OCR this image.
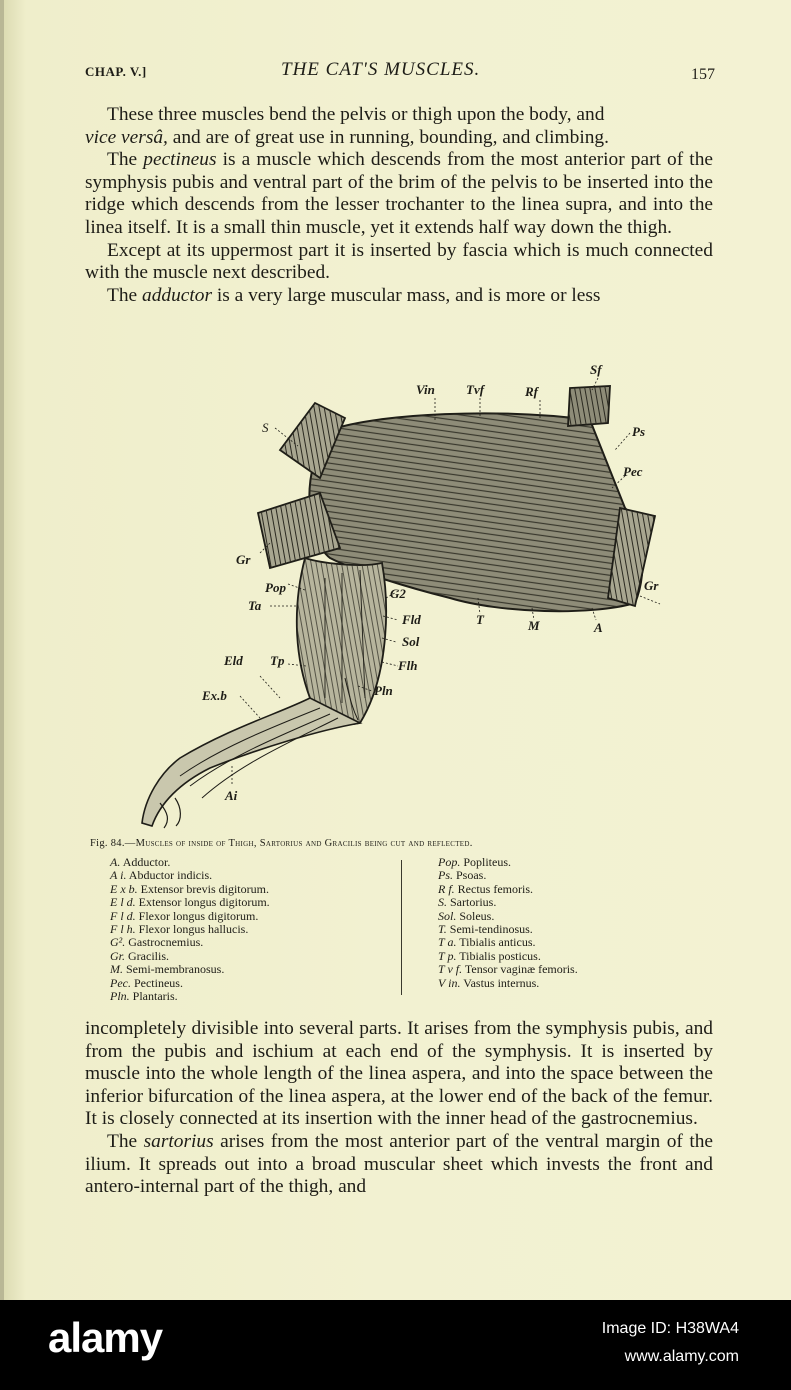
CHAP. V.]	THE CAT'S MUSCLES.	157

These three muscles bend the pelvis or thigh upon the body, and
vice versâ, and are of great use in running, bounding, and climbing.
The pectineus is a muscle which descends from the most anterior part of the symphysis pubis and ventral part of the brim of the pelvis to be inserted into the ridge which descends from the lesser trochanter to the linea supra, and into the linea itself. It is a small thin muscle, yet it extends half way down the thigh.
Except at its uppermost part it is inserted by fascia which is much connected with the muscle next described.
The adductor is a very large muscular mass, and is more or less

Vin Tvf	Rf
Sf
S	Ps
Pec
Gr
Gr
Pop
Ta
G2
Fld
Sol
Flh
Pln
Eld Tp
Ex.b
Ai
T	M	A
Fig. 84.—Muscles of inside of Thigh, Sartorius and Gracilis being cut and reflected.
A. Adductor.
A i. Abductor indicis.
E x b. Extensor brevis digitorum.
E l d. Extensor longus digitorum.
F l d. Flexor longus digitorum.
F l h. Flexor longus hallucis.
G². Gastrocnemius.
Gr. Gracilis.
M. Semi-membranosus.
Pec. Pectineus.
Pln. Plantaris.
Pop. Popliteus.
Ps. Psoas.
R f. Rectus femoris.
S. Sartorius.
Sol. Soleus.
T. Semi-tendinosus.
T a. Tibialis anticus.
T p. Tibialis posticus.
T v f. Tensor vaginæ femoris.
V in. Vastus internus.

incompletely divisible into several parts. It arises from the symphysis pubis, and from the pubis and ischium at each end of the symphysis. It is inserted by muscle into the whole length of the linea aspera, and into the space between the inferior bifurcation of the linea aspera, at the lower end of the back of the femur. It is closely connected at its insertion with the inner head of the gastrocnemius.
The sartorius arises from the most anterior part of the ventral margin of the ilium. It spreads out into a broad muscular sheet which invests the front and antero-internal part of the thigh, and

alamy	Image ID: H38WA4
www.alamy.com
